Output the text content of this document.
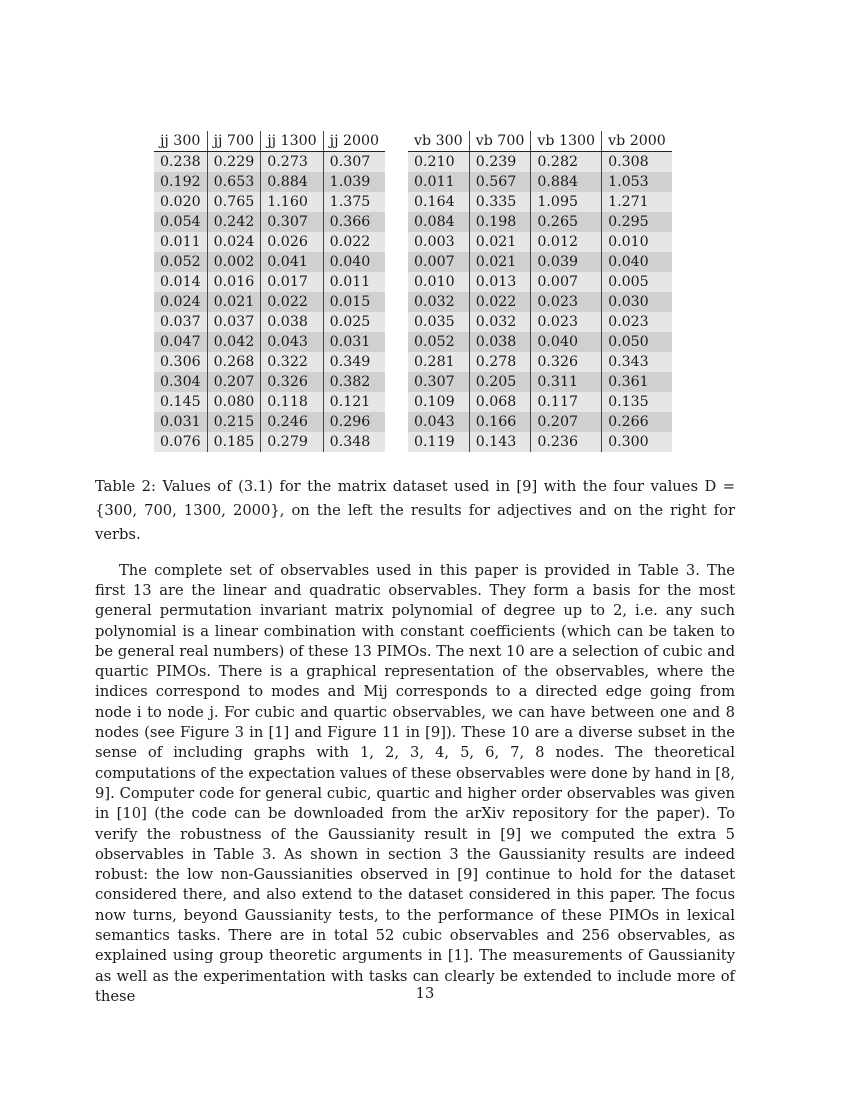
jj 300	jj 700	jj 1300	jj 2000
0.238	0.229	0.273	0.307
0.192	0.653	0.884	1.039
0.020	0.765	1.160	1.375
0.054	0.242	0.307	0.366
0.011	0.024	0.026	0.022
0.052	0.002	0.041	0.040
0.014	0.016	0.017	0.011
0.024	0.021	0.022	0.015
0.037	0.037	0.038	0.025
0.047	0.042	0.043	0.031
0.306	0.268	0.322	0.349
0.304	0.207	0.326	0.382
0.145	0.080	0.118	0.121
0.031	0.215	0.246	0.296
0.076	0.185	0.279	0.348
vb 300	vb 700	vb 1300	vb 2000
0.210	0.239	0.282	0.308
0.011	0.567	0.884	1.053
0.164	0.335	1.095	1.271
0.084	0.198	0.265	0.295
0.003	0.021	0.012	0.010
0.007	0.021	0.039	0.040
0.010	0.013	0.007	0.005
0.032	0.022	0.023	0.030
0.035	0.032	0.023	0.023
0.052	0.038	0.040	0.050
0.281	0.278	0.326	0.343
0.307	0.205	0.311	0.361
0.109	0.068	0.117	0.135
0.043	0.166	0.207	0.266
0.119	0.143	0.236	0.300
Table 2: Values of (3.1) for the matrix dataset used in [9] with the four values D = {300, 700, 1300, 2000}, on the left the results for adjectives and on the right for verbs.

The complete set of observables used in this paper is provided in Table 3. The first 13 are the linear and quadratic observables. They form a basis for the most general permutation invariant matrix polynomial of degree up to 2, i.e. any such polynomial is a linear combination with constant coefficients (which can be taken to be general real numbers) of these 13 PIMOs. The next 10 are a selection of cubic and quartic PIMOs. There is a graphical representation of the observables, where the indices correspond to modes and Mij corresponds to a directed edge going from node i to node j. For cubic and quartic observables, we can have between one and 8 nodes (see Figure 3 in [1] and Figure 11 in [9]). These 10 are a diverse subset in the sense of including graphs with 1, 2, 3, 4, 5, 6, 7, 8 nodes. The theoretical computations of the expectation values of these observables were done by hand in [8, 9]. Computer code for general cubic, quartic and higher order observables was given in [10] (the code can be downloaded from the arXiv repository for the paper). To verify the robustness of the Gaussianity result in [9] we computed the extra 5 observables in Table 3. As shown in section 3 the Gaussianity results are indeed robust: the low non-Gaussianities observed in [9] continue to hold for the dataset considered there, and also extend to the dataset considered in this paper. The focus now turns, beyond Gaussianity tests, to the performance of these PIMOs in lexical semantics tasks. There are in total 52 cubic observables and 256 observables, as explained using group theoretic arguments in [1]. The measurements of Gaussianity as well as the experimentation with tasks can clearly be extended to include more of these	13
